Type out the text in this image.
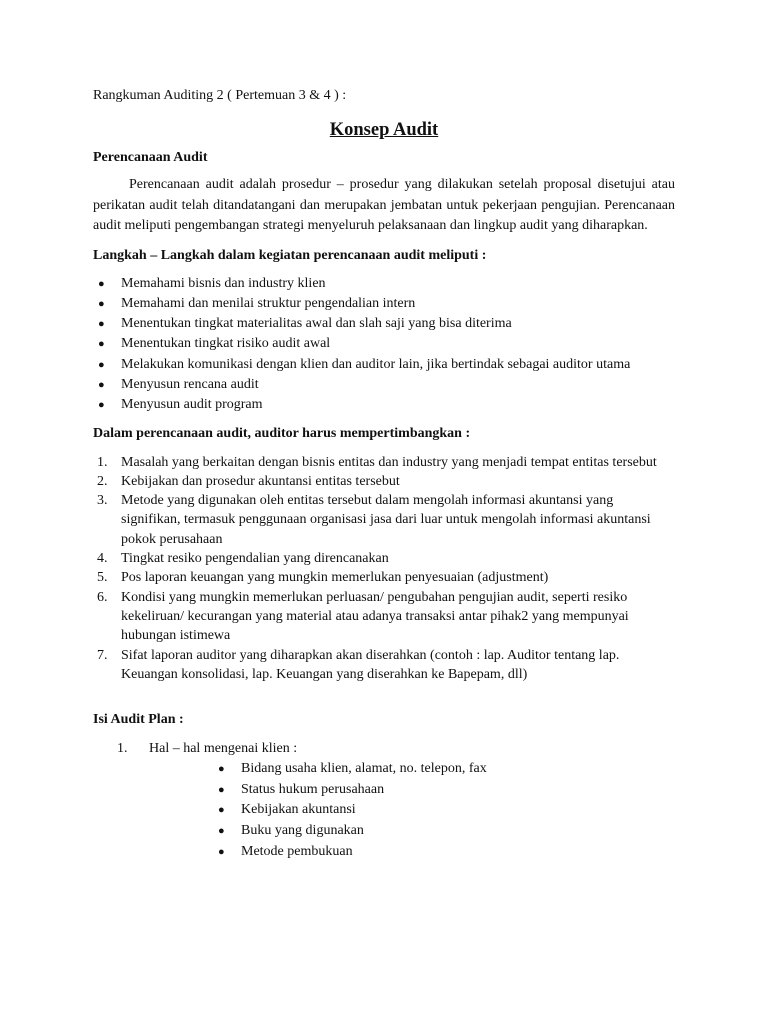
Rangkuman Auditing 2 ( Pertemuan 3 & 4 ) :

Konsep Audit

Perencanaan Audit

Perencanaan audit adalah prosedur – prosedur yang dilakukan setelah proposal disetujui atau perikatan audit telah ditandatangani dan merupakan jembatan untuk pekerjaan pengujian. Perencanaan audit meliputi pengembangan strategi menyeluruh pelaksanaan dan lingkup audit yang diharapkan.

Langkah – Langkah dalam kegiatan perencanaan audit meliputi :

● Memahami bisnis dan industry klien
● Memahami dan menilai struktur pengendalian intern
● Menentukan tingkat materialitas awal dan slah saji yang bisa diterima
● Menentukan tingkat risiko audit awal
● Melakukan komunikasi dengan klien dan auditor lain, jika bertindak sebagai auditor utama
● Menyusun rencana audit
● Menyusun audit program

Dalam perencanaan audit, auditor harus mempertimbangkan :

1. Masalah yang berkaitan dengan bisnis entitas dan industry yang menjadi tempat entitas tersebut
2. Kebijakan dan prosedur akuntansi entitas tersebut
3. Metode yang digunakan oleh entitas tersebut dalam mengolah informasi akuntansi yang signifikan, termasuk penggunaan organisasi jasa dari luar untuk mengolah informasi akuntansi pokok perusahaan
4. Tingkat resiko pengendalian yang direncanakan
5. Pos laporan keuangan yang mungkin memerlukan penyesuaian (adjustment)
6. Kondisi yang mungkin memerlukan perluasan/ pengubahan pengujian audit, seperti resiko kekeliruan/ kecurangan yang material atau adanya transaksi antar pihak2 yang mempunyai hubungan istimewa
7. Sifat laporan auditor yang diharapkan akan diserahkan (contoh : lap. Auditor tentang lap. Keuangan konsolidasi, lap. Keuangan yang diserahkan ke Bapepam, dll)

Isi Audit Plan :

1. Hal – hal mengenai klien :
● Bidang usaha klien, alamat, no. telepon, fax
● Status hukum perusahaan
● Kebijakan akuntansi
● Buku yang digunakan
● Metode pembukuan
